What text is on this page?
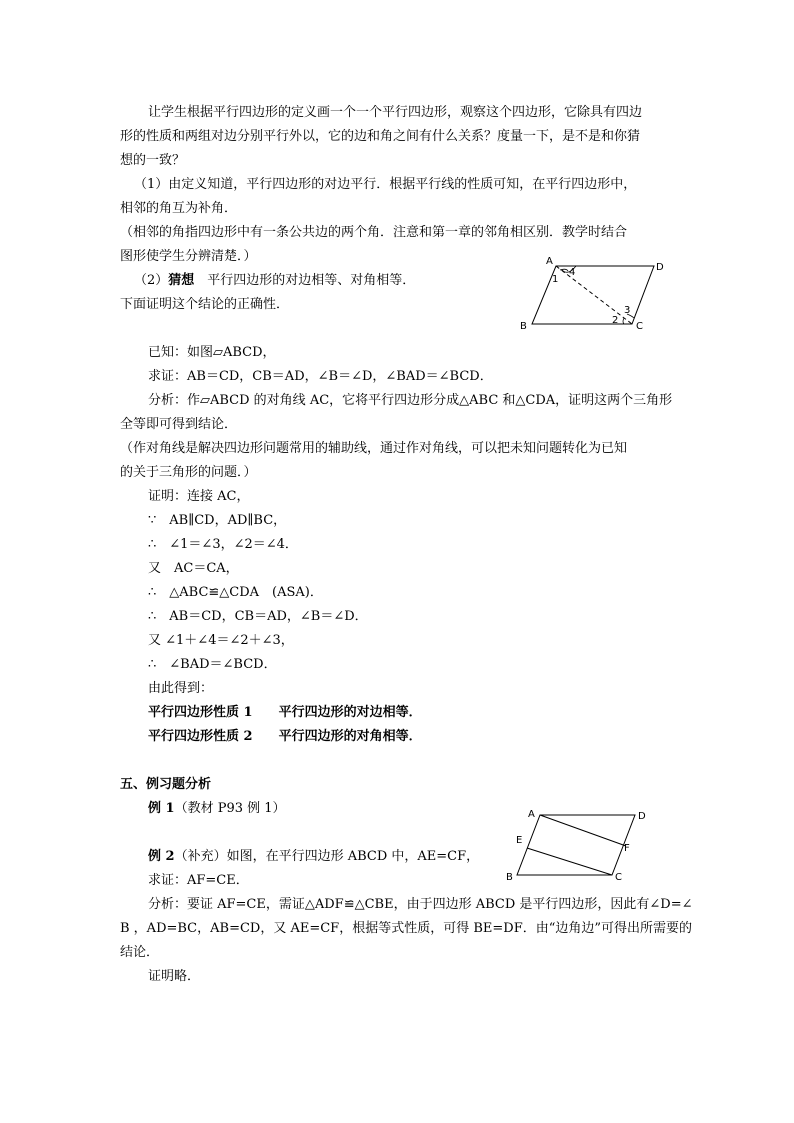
让学生根据平行四边形的定义画一个一个平行四边形，观察这个四边形，它除具有四边
形的性质和两组对边分别平行外以，它的边和角之间有什么关系？度量一下，是不是和你猜
想的一致？
（1）由定义知道，平行四边形的对边平行．根据平行线的性质可知，在平行四边形中，
相邻的角互为补角．
（相邻的角指四边形中有一条公共边的两个角．注意和第一章的邻角相区别．教学时结合
图形使学生分辨清楚．）
（2）猜想　平行四边形的对边相等、对角相等．
下面证明这个结论的正确性．
A
D
B	C
1
4
2
3
已知：如图▱ABCD，
求证：AB＝CD，CB＝AD，∠B＝∠D，∠BAD＝∠BCD．
分析：作▱ABCD 的对角线 AC，它将平行四边形分成△ABC 和△CDA，证明这两个三角形
全等即可得到结论．
（作对角线是解决四边形问题常用的辅助线，通过作对角线，可以把未知问题转化为已知
的关于三角形的问题．）
证明：连接 AC，
∵　AB∥CD，AD∥BC，
∴　∠1＝∠3，∠2＝∠4．
又　AC＝CA，
∴　△ABC≌△CDA　(ASA)．
∴　AB＝CD，CB＝AD，∠B＝∠D．
又 ∠1＋∠4＝∠2＋∠3，
∴　∠BAD＝∠BCD．
由此得到：
平行四边形性质 1　　平行四边形的对边相等．
平行四边形性质 2　　平行四边形的对角相等．
五、例习题分析
例 1（教材 P93 例 1）	A	D
E
F
B	C
例 2（补充）如图，在平行四边形 ABCD 中，AE=CF，
求证：AF=CE．
分析：要证 AF=CE，需证△ADF≌△CBE，由于四边形 ABCD 是平行四边形，因此有∠D=∠
B ，AD=BC，AB=CD，又 AE=CF，根据等式性质，可得 BE=DF．由“边角边”可得出所需要的
结论．
证明略．
